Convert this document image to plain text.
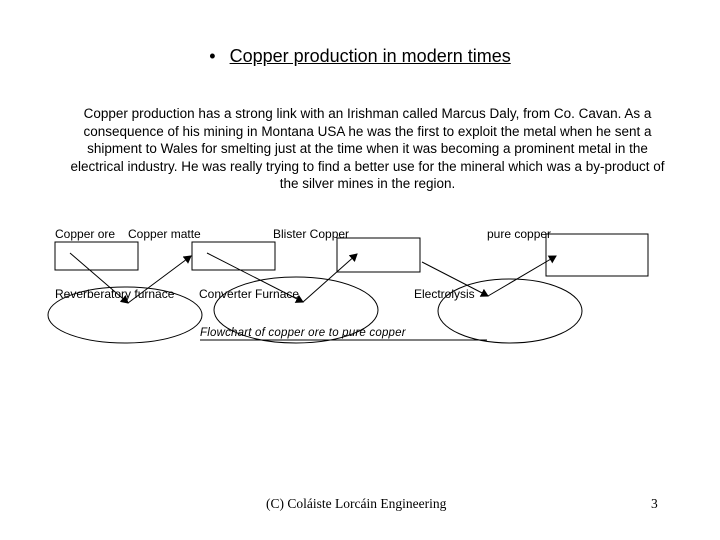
• Copper production in modern times
Copper production has a strong link with an Irishman called Marcus Daly, from Co. Cavan. As a consequence of his mining in Montana USA he was the first to exploit the metal when he sent a shipment to Wales for smelting just at the time when it was becoming a prominent metal in the electrical industry. He was really trying to find a better use for the mineral which was a by-product of the silver mines in the region.
Copper ore Copper matte	Blister Copper	pure copper
Reverberatory furnace Converter Furnace	Electrolysis
Flowchart of copper ore to pure copper
(C) Coláiste Lorcáin Engineering	3
